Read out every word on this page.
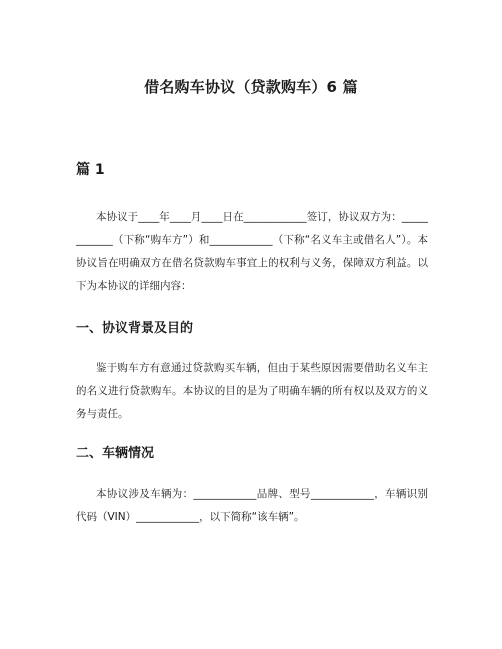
借名购车协议（贷款购车）6 篇
篇 1

本协议于____年____月____日在____________签订，协议双方为：____________（下称“购车方”）和____________（下称“名义车主或借名人”）。本协议旨在明确双方在借名贷款购车事宜上的权利与义务，保障双方利益。以下为本协议的详细内容：

一、协议背景及目的

鉴于购车方有意通过贷款购买车辆，但由于某些原因需要借助名义车主的名义进行贷款购车。本协议的目的是为了明确车辆的所有权以及双方的义务与责任。

二、车辆情况

本协议涉及车辆为：____________品牌、型号____________，车辆识别代码（VIN）____________，以下简称“该车辆”。
